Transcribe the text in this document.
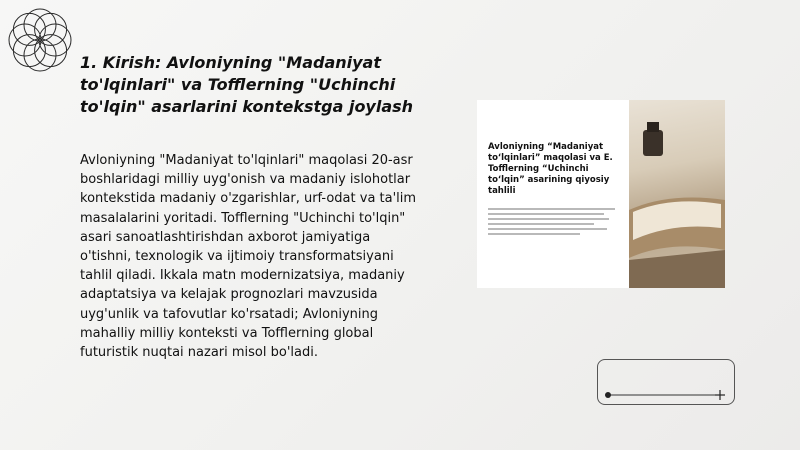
1. Kirish: Avloniyning "Madaniyat to'lqinlari" va Tofflerning "Uchinchi to'lqin" asarlarini kontekstga joylash
Avloniyning "Madaniyat to'lqinlari" maqolasi 20-asr boshlaridagi milliy uyg'onish va madaniy islohotlar kontekstida madaniy o'zgarishlar, urf-odat va ta'lim masalalarini yoritadi. Tofflerning "Uchinchi to'lqin" asari sanoatlashtirishdan axborot jamiyatiga o'tishni, texnologik va ijtimoiy transformatsiyani tahlil qiladi. Ikkala matn modernizatsiya, madaniy adaptatsiya va kelajak prognozlari mavzusida uyg'unlik va tafovutlar ko'rsatadi; Avloniyning mahalliy milliy konteksti va Tofflerning global futuristik nuqtai nazari misol bo'ladi.
Avloniyning “Madaniyat to‘lqinlari” maqolasi va E. Tofflerning “Uchinchi to‘lqin” asarining qiyosiy tahlili
